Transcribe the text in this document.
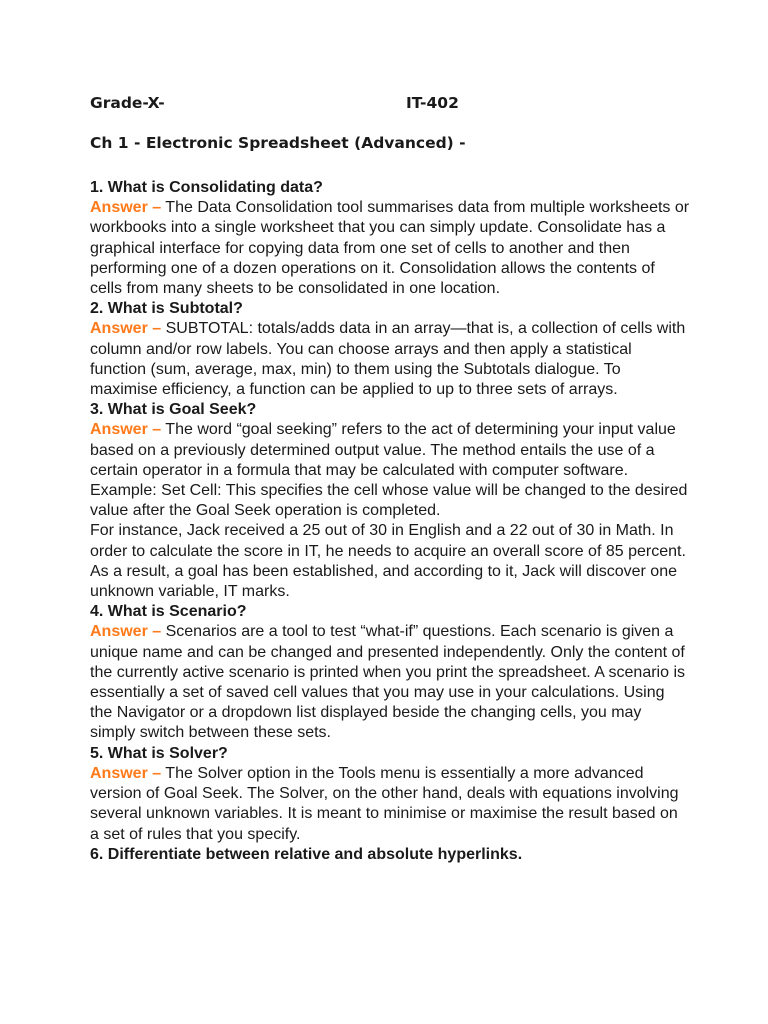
Grade-X-	IT-402
Ch 1 - Electronic Spreadsheet (Advanced) -
1. What is Consolidating data?

Answer – The Data Consolidation tool summarises data from multiple worksheets or workbooks into a single worksheet that you can simply update. Consolidate has a graphical interface for copying data from one set of cells to another and then performing one of a dozen operations on it. Consolidation allows the contents of cells from many sheets to be consolidated in one location.

2. What is Subtotal?

Answer – SUBTOTAL: totals/adds data in an array—that is, a collection of cells with column and/or row labels. You can choose arrays and then apply a statistical function (sum, average, max, min) to them using the Subtotals dialogue. To maximise efficiency, a function can be applied to up to three sets of arrays.

3. What is Goal Seek?

Answer – The word “goal seeking” refers to the act of determining your input value based on a previously determined output value. The method entails the use of a certain operator in a formula that may be calculated with computer software.

Example: Set Cell: This specifies the cell whose value will be changed to the desired value after the Goal Seek operation is completed.

For instance, Jack received a 25 out of 30 in English and a 22 out of 30 in Math. In order to calculate the score in IT, he needs to acquire an overall score of 85 percent. As a result, a goal has been established, and according to it, Jack will discover one unknown variable, IT marks.

4. What is Scenario?

Answer – Scenarios are a tool to test “what-if” questions. Each scenario is given a unique name and can be changed and presented independently. Only the content of the currently active scenario is printed when you print the spreadsheet. A scenario is essentially a set of saved cell values that you may use in your calculations. Using the Navigator or a dropdown list displayed beside the changing cells, you may simply switch between these sets.

5. What is Solver?

Answer – The Solver option in the Tools menu is essentially a more advanced version of Goal Seek. The Solver, on the other hand, deals with equations involving several unknown variables. It is meant to minimise or maximise the result based on a set of rules that you specify.

6. Differentiate between relative and absolute hyperlinks.
